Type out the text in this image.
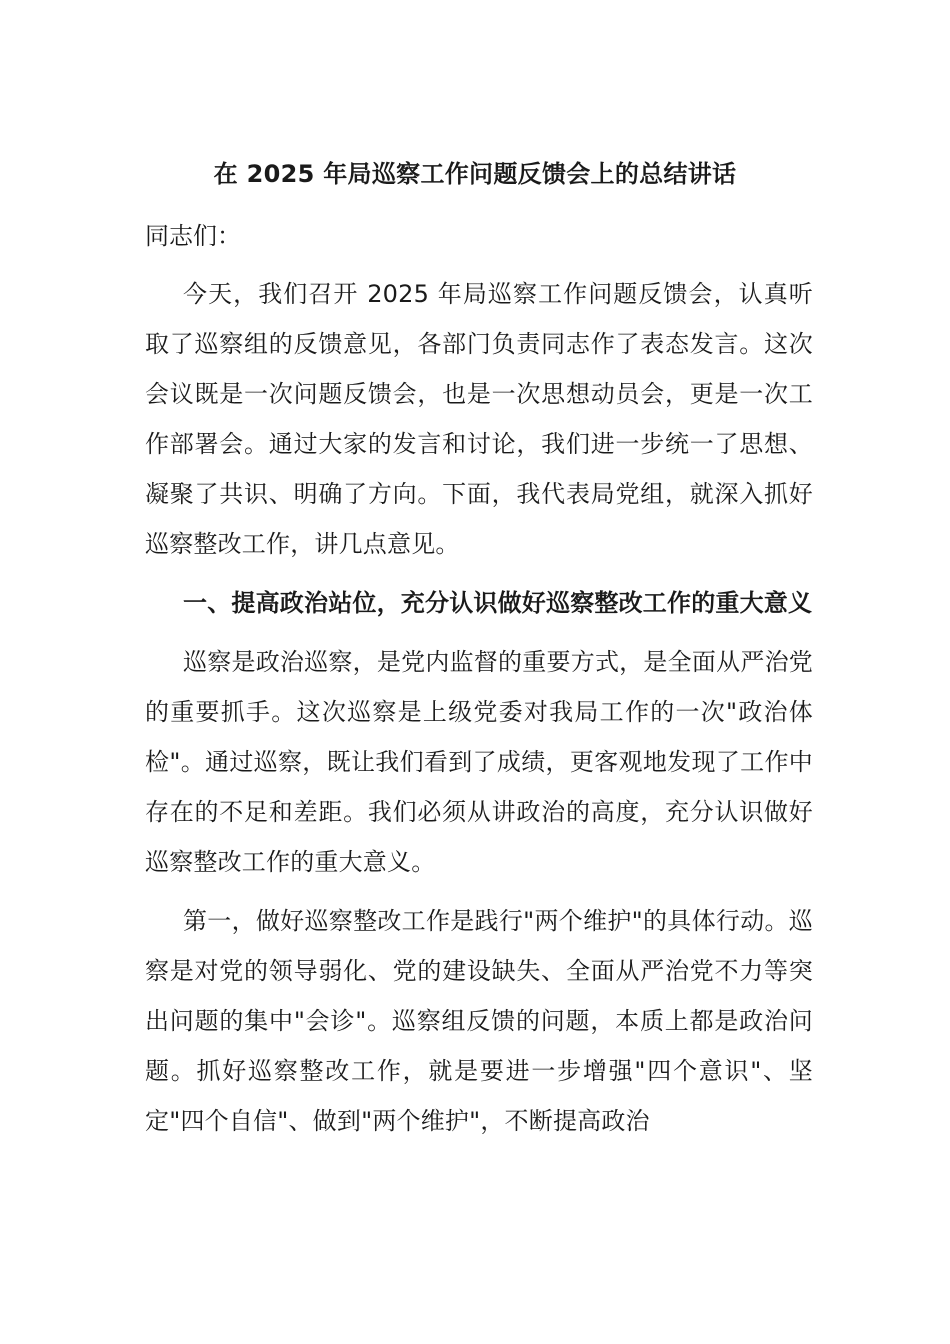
在 2025 年局巡察工作问题反馈会上的总结讲话
同志们：

今天，我们召开 2025 年局巡察工作问题反馈会，认真听取了巡察组的反馈意见，各部门负责同志作了表态发言。这次会议既是一次问题反馈会，也是一次思想动员会，更是一次工作部署会。通过大家的发言和讨论，我们进一步统一了思想、凝聚了共识、明确了方向。下面，我代表局党组，就深入抓好巡察整改工作，讲几点意见。

一、提高政治站位，充分认识做好巡察整改工作的重大意义

巡察是政治巡察，是党内监督的重要方式，是全面从严治党的重要抓手。这次巡察是上级党委对我局工作的一次"政治体检"。通过巡察，既让我们看到了成绩，更客观地发现了工作中存在的不足和差距。我们必须从讲政治的高度，充分认识做好巡察整改工作的重大意义。

第一，做好巡察整改工作是践行"两个维护"的具体行动。巡察是对党的领导弱化、党的建设缺失、全面从严治党不力等突出问题的集中"会诊"。巡察组反馈的问题，本质上都是政治问题。抓好巡察整改工作，就是要进一步增强"四个意识"、坚定"四个自信"、做到"两个维护"，不断提高政治
